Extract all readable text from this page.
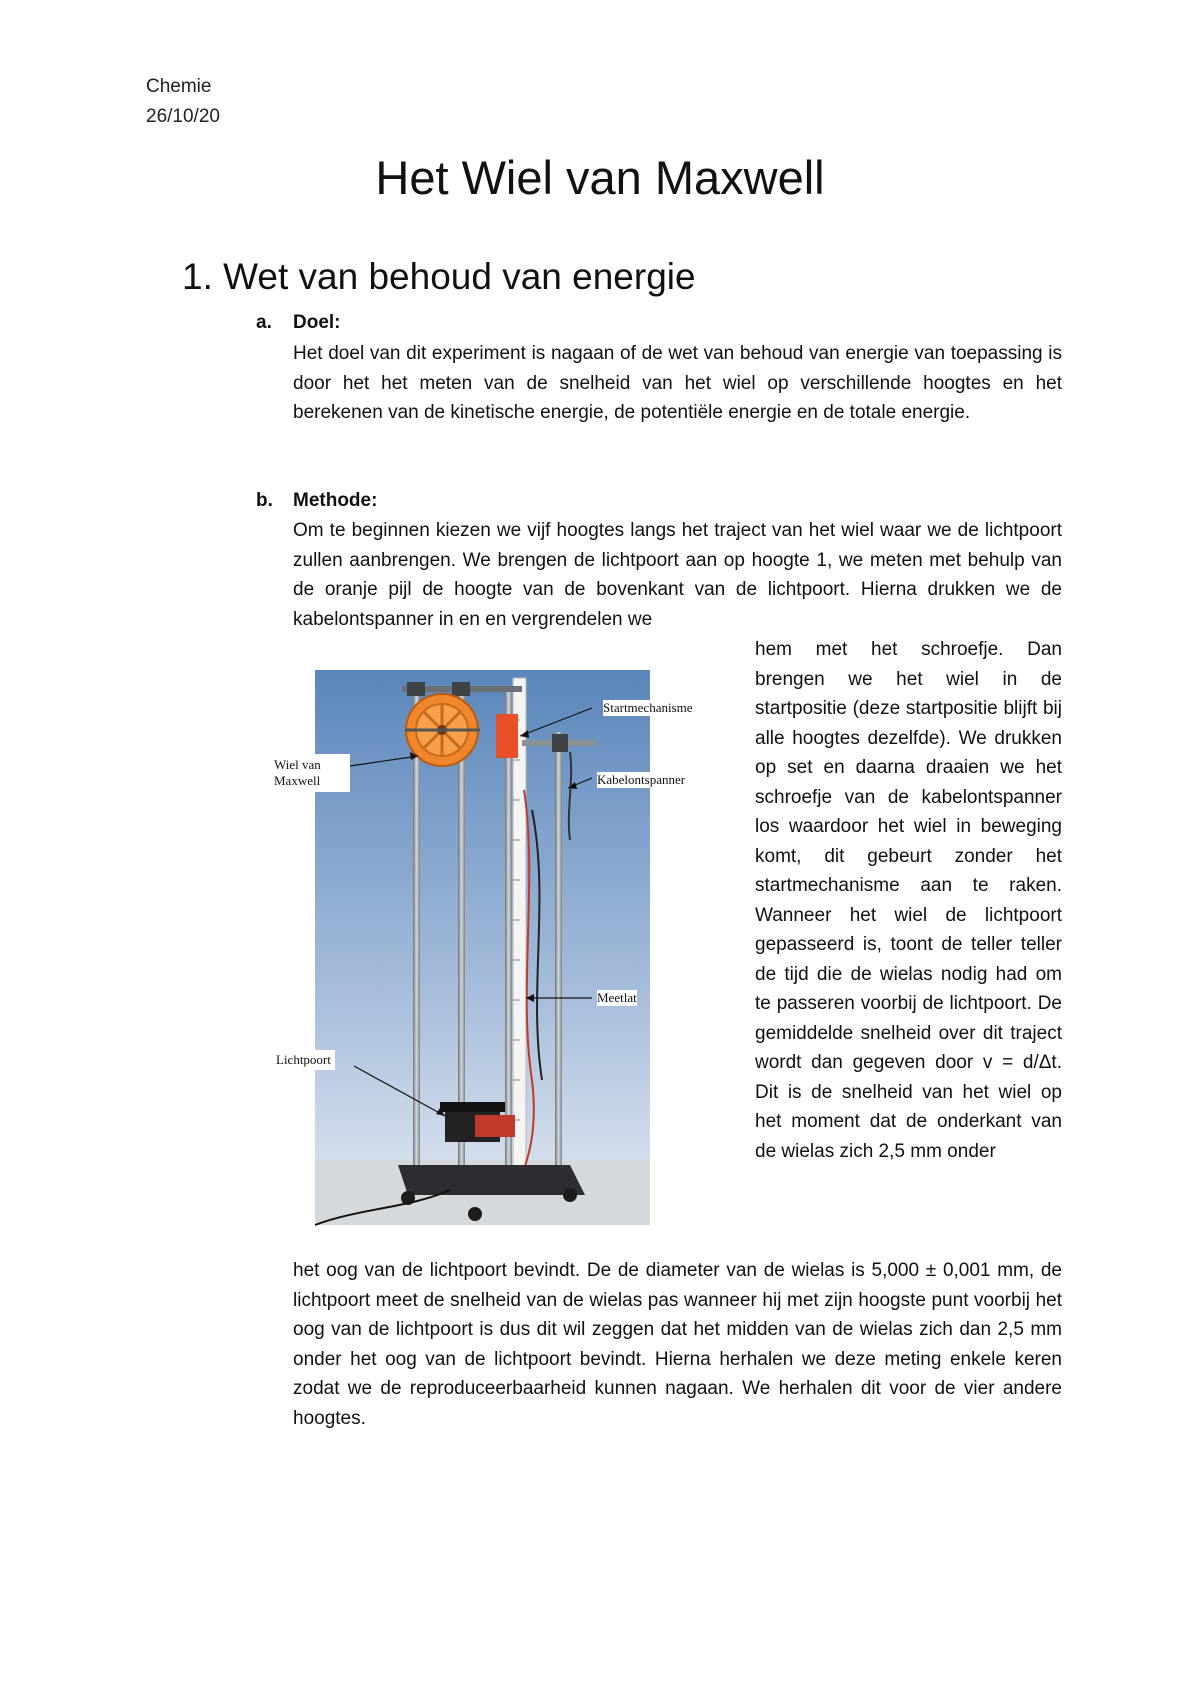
Chemie
26/10/20
Het Wiel van Maxwell
1. Wet van behoud van energie
a. Doel:
Het doel van dit experiment is nagaan of de wet van behoud van energie van toepassing is door het het meten van de snelheid van het wiel op verschillende hoogtes en het berekenen van de kinetische energie, de potentiële energie en de totale energie.
b. Methode:
Om te beginnen kiezen we vijf hoogtes langs het traject van het wiel waar we de lichtpoort zullen aanbrengen. We brengen de lichtpoort aan op hoogte 1, we meten met behulp van de oranje pijl de hoogte van de bovenkant van de lichtpoort. Hierna drukken we de kabelontspanner in en en vergrendelen we
hem met het schroefje. Dan brengen we het wiel in de startpositie (deze startpositie blijft bij alle hoogtes dezelfde). We drukken op set en daarna draaien we het schroefje van de kabelontspanner los waardoor het wiel in beweging komt, dit gebeurt zonder het startmechanisme aan te raken. Wanneer het wiel de lichtpoort gepasseerd is, toont de teller teller de tijd die de wielas nodig had om te passeren voorbij de lichtpoort. De gemiddelde snelheid over dit traject wordt dan gegeven door v = d/Δt. Dit is de snelheid van het wiel op het moment dat de onderkant van de wielas zich 2,5 mm onder
het oog van de lichtpoort bevindt. De de diameter van de wielas is 5,000 ± 0,001 mm, de lichtpoort meet de snelheid van de wielas pas wanneer hij met zijn hoogste punt voorbij het oog van de lichtpoort is dus dit wil zeggen dat het midden van de wielas zich dan 2,5 mm onder het oog van de lichtpoort bevindt. Hierna herhalen we deze meting enkele keren zodat we de reproduceerbaarheid kunnen nagaan. We herhalen dit voor de vier andere hoogtes.
Startmechanisme
Wiel van
Maxwell	Kabelontspanner
Meetlat
Lichtpoort
